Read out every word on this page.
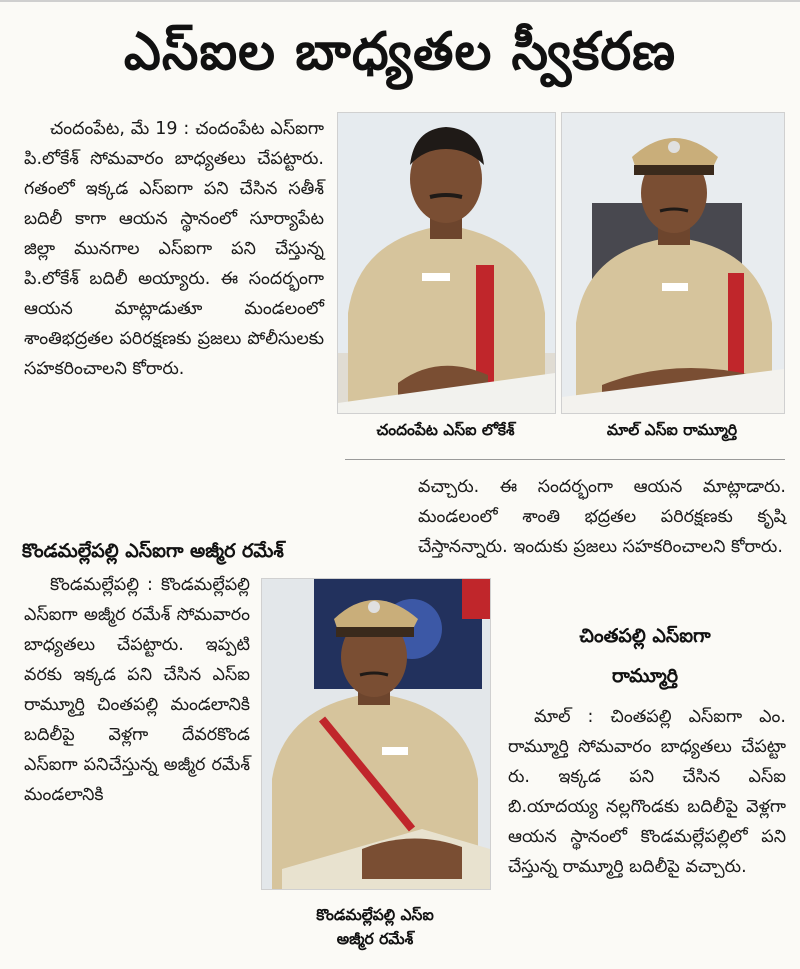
ఎస్ఐల బాధ్యతల స్వీకరణ

చందంపేట, మే 19 : చందంపేట ఎస్ఐగా పి.లోకేశ్ సోమవారం బాధ్యతలు చేపట్టారు. గతంలో ఇక్కడ ఎస్ఐగా పని చేసిన సతీశ్ బదిలీ కాగా ఆయన స్థానంలో సూర్యాపేట జిల్లా మునగాల ఎస్ఐగా పని చేస్తున్న పి.లోకేశ్ బదిలీ అయ్యారు. ఈ సందర్భంగా ఆయన మాట్లాడుతూ మండలంలో శాంతిభద్రతల పరిరక్షణకు ప్రజలు పోలీసులకు సహకరించాలని కోరారు.

చందంపేట ఎస్ఐ లోకేశ్	మాల్ ఎస్ఐ రామ్మూర్తి

వచ్చారు. ఈ సందర్భంగా ఆయన మాట్లాడారు. మండలంలో శాంతి భద్రతల పరిరక్షణకు కృషి చేస్తానన్నారు. ఇందుకు ప్రజలు సహకరించాలని కోరారు.

కొండమల్లేపల్లి ఎస్ఐగా అజ్మీర రమేశ్

కొండమల్లేపల్లి : కొండమల్లేపల్లి ఎస్ఐగా అజ్మీర రమేశ్ సోమవారం బాధ్యతలు చేపట్టారు. ఇప్పటి వరకు ఇక్కడ పని చేసిన ఎస్ఐ రామ్మూర్తి చింతపల్లి మండలానికి బదిలీపై వెళ్లగా దేవరకొండ ఎస్ఐగా పనిచేస్తున్న అజ్మీర రమేశ్ మండలానికి

కొండమల్లేపల్లి ఎస్ఐ
అజ్మీర రమేశ్
చింతపల్లి ఎస్ఐగా
రామ్మూర్తి

మాల్ : చింతపల్లి ఎస్ఐగా ఎం. రామ్మూర్తి సోమవారం బాధ్యతలు చేపట్టా రు. ఇక్కడ పని చేసిన ఎస్ఐ బి.యాదయ్య నల్లగొండకు బదిలీపై వెళ్లగా ఆయన స్థానంలో కొండమల్లేపల్లిలో పని చేస్తున్న రామ్మూర్తి బదిలీపై వచ్చారు.
